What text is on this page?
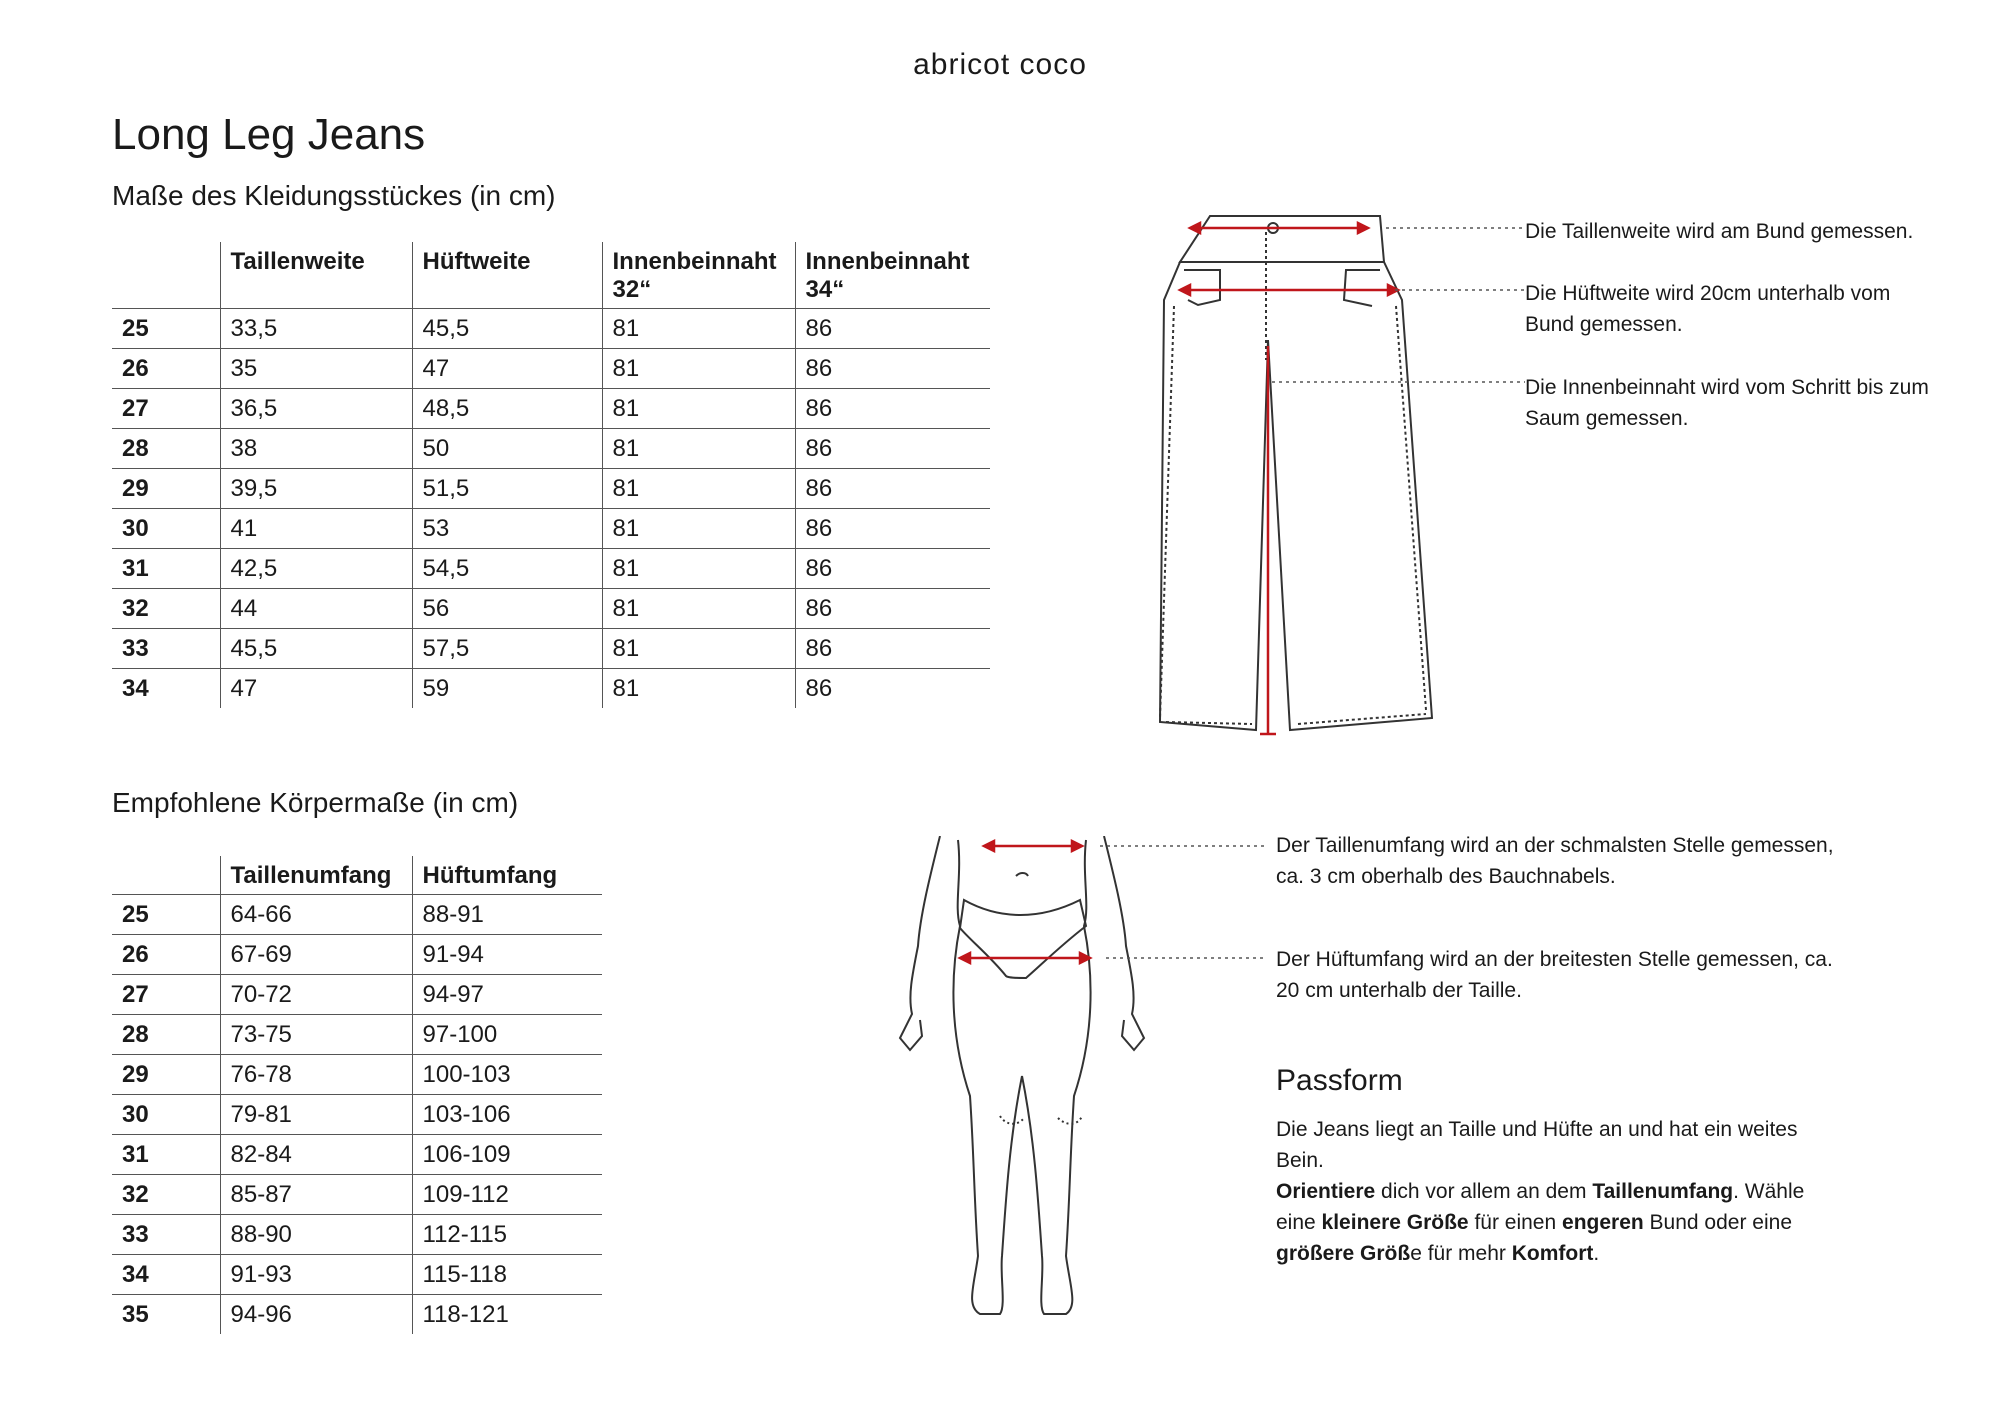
abricot coco
Long Leg Jeans
Maße des Kleidungsstückes (in cm)
	Taillenweite	Hüftweite	Innenbeinnaht 32“	Innenbeinnaht 34“
25	33,5	45,5	81	86
26	35	47	81	86
27	36,5	48,5	81	86
28	38	50	81	86
29	39,5	51,5	81	86
30	41	53	81	86
31	42,5	54,5	81	86
32	44	56	81	86
33	45,5	57,5	81	86
34	47	59	81	86
Die Taillenweite wird am Bund gemessen.
Die Hüftweite wird 20cm unterhalb vom Bund gemessen.
Die Innenbeinnaht wird vom Schritt bis zum Saum gemessen.
Empfohlene Körpermaße (in cm)
	Taillenumfang	Hüftumfang
25	64-66	88-91
26	67-69	91-94
27	70-72	94-97
28	73-75	97-100
29	76-78	100-103
30	79-81	103-106
31	82-84	106-109
32	85-87	109-112
33	88-90	112-115
34	91-93	115-118
35	94-96	118-121
Der Taillenumfang wird an der schmalsten Stelle gemessen, ca. 3 cm oberhalb des Bauchnabels.
Der Hüftumfang wird an der breitesten Stelle gemessen, ca. 20 cm unterhalb der Taille.
Passform
Die Jeans liegt an Taille und Hüfte an und hat ein weites Bein.
Orientiere dich vor allem an dem Taillenumfang. Wähle eine kleinere Größe für einen engeren Bund oder eine größere Größe für mehr Komfort.
